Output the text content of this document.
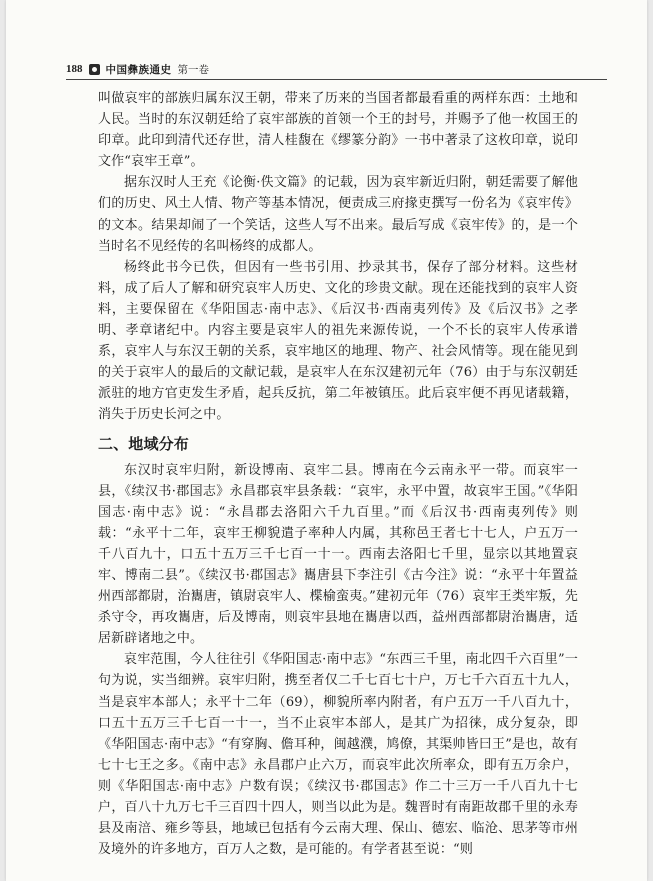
188 中国彝族通史 第一卷

叫做哀牢的部族归属东汉王朝，带来了历来的当国者都最看重的两样东西：土地和人民。当时的东汉朝廷给了哀牢部族的首领一个王的封号，并赐予了他一枚国王的印章。此印到清代还存世，清人桂馥在《缪篆分韵》一书中著录了这枚印章，说印文作“哀牢王章”。

据东汉时人王充《论衡·佚文篇》的记载，因为哀牢新近归附，朝廷需要了解他们的历史、风土人情、物产等基本情况，便责成三府掾吏撰写一份名为《哀牢传》的文本。结果却闹了一个笑话，这些人写不出来。最后写成《哀牢传》的，是一个当时名不见经传的名叫杨终的成都人。

杨终此书今已佚，但因有一些书引用、抄录其书，保存了部分材料。这些材料，成了后人了解和研究哀牢人历史、文化的珍贵文献。现在还能找到的哀牢人资料，主要保留在《华阳国志·南中志》、《后汉书·西南夷列传》及《后汉书》之孝明、孝章诸纪中。内容主要是哀牢人的祖先来源传说，一个不长的哀牢人传承谱系，哀牢人与东汉王朝的关系，哀牢地区的地理、物产、社会风情等。现在能见到的关于哀牢人的最后的文献记载，是哀牢人在东汉建初元年（76）由于与东汉朝廷派驻的地方官吏发生矛盾，起兵反抗，第二年被镇压。此后哀牢便不再见诸载籍，消失于历史长河之中。

二、地域分布

东汉时哀牢归附，新设博南、哀牢二县。博南在今云南永平一带。而哀牢一县，《续汉书·郡国志》永昌郡哀牢县条载：“哀牢，永平中置，故哀牢王国。”《华阳国志·南中志》说：“永昌郡去洛阳六千九百里。”而《后汉书·西南夷列传》则载：“永平十二年，哀牢王柳貌遣子率种人内属，其称邑王者七十七人，户五万一千八百九十，口五十五万三千七百一十一。西南去洛阳七千里，显宗以其地置哀牢、博南二县”。《续汉书·郡国志》巂唐县下李注引《古今注》说：“永平十年置益州西部都尉，治巂唐，镇尉哀牢人、楪榆蛮夷。”建初元年（76）哀牢王类牢叛，先杀守令，再攻巂唐，后及博南，则哀牢县地在巂唐以西，益州西部都尉治巂唐，适居新辟诸地之中。

哀牢范围，今人往往引《华阳国志·南中志》“东西三千里，南北四千六百里”一句为说，实当细辨。哀牢归附，携至者仅二千七百七十户，万七千六百五十九人，当是哀牢本部人；永平十二年（69），柳貌所率内附者，有户五万一千八百九十，口五十五万三千七百一十一，当不止哀牢本部人，是其广为招徕，成分复杂，即《华阳国志·南中志》“有穿胸、儋耳种，闽越濮，鸠僚，其渠帅皆曰王”是也，故有七十七王之多。《南中志》永昌郡户止六万，而哀牢此次所率众，即有五万余户，则《华阳国志·南中志》户数有误；《续汉书·郡国志》作二十三万一千八百九十七户，百八十九万七千三百四十四人，则当以此为是。魏晋时有南距故郡千里的永寿县及南涪、雍乡等县，地域已包括有今云南大理、保山、德宏、临沧、思茅等市州及境外的许多地方，百万人之数，是可能的。有学者甚至说：“则
